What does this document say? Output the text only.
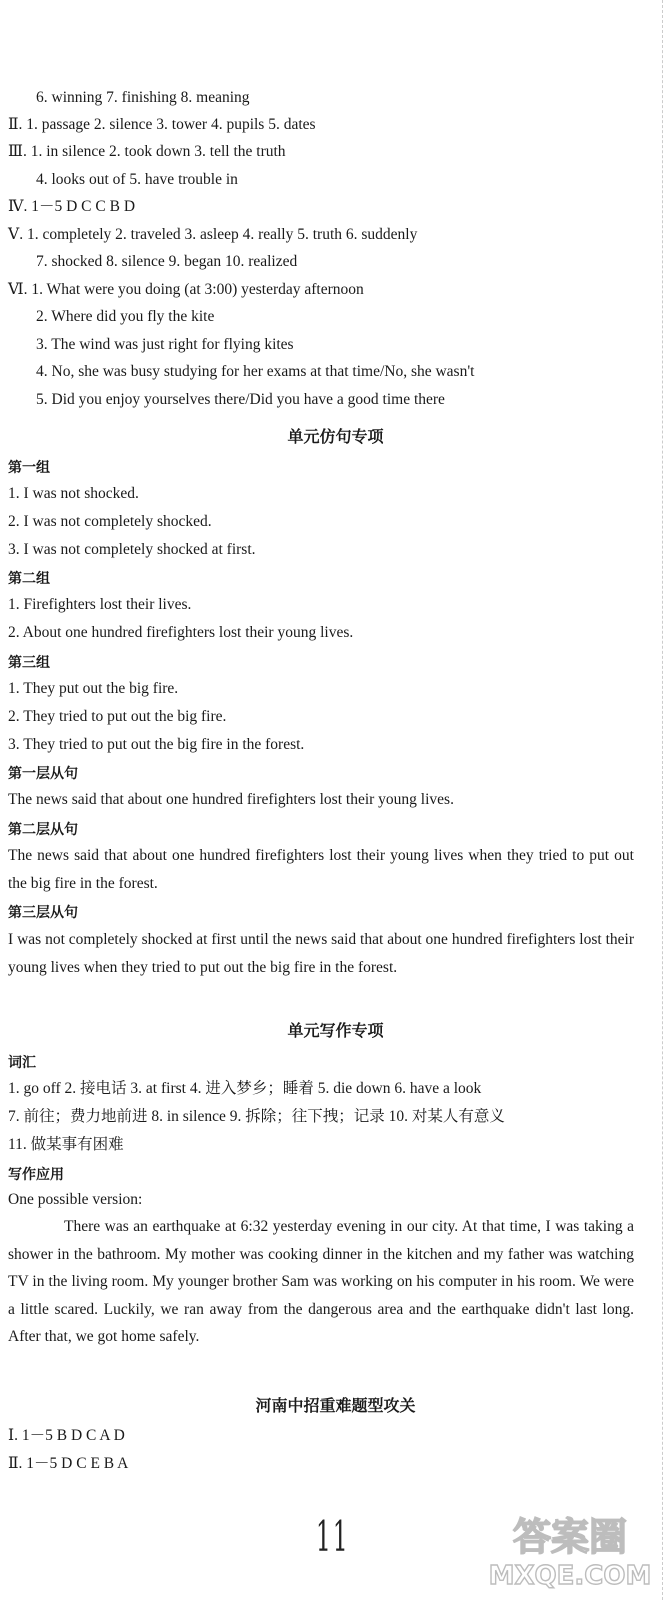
6. winning 7. finishing 8. meaning
Ⅱ. 1. passage 2. silence 3. tower 4. pupils 5. dates
Ⅲ. 1. in silence 2. took down 3. tell the truth
4. looks out of 5. have trouble in
Ⅳ. 1－5 D C C B D
Ⅴ. 1. completely 2. traveled 3. asleep 4. really 5. truth 6. suddenly
7. shocked 8. silence 9. began 10. realized
Ⅵ. 1. What were you doing (at 3:00) yesterday afternoon
2. Where did you fly the kite
3. The wind was just right for flying kites
4. No, she was busy studying for her exams at that time/No, she wasn't
5. Did you enjoy yourselves there/Did you have a good time there
单元仿句专项
第一组
1. I was not shocked.
2. I was not completely shocked.
3. I was not completely shocked at first.
第二组
1. Firefighters lost their lives.
2. About one hundred firefighters lost their young lives.
第三组
1. They put out the big fire.
2. They tried to put out the big fire.
3. They tried to put out the big fire in the forest.
第一层从句
The news said that about one hundred firefighters lost their young lives.
第二层从句
The news said that about one hundred firefighters lost their young lives when they tried to put out the big fire in the forest.
第三层从句
I was not completely shocked at first until the news said that about one hundred firefighters lost their young lives when they tried to put out the big fire in the forest.
单元写作专项
词汇
1. go off 2. 接电话 3. at first 4. 进入梦乡；睡着 5. die down 6. have a look
7. 前往；费力地前进 8. in silence 9. 拆除；往下拽；记录 10. 对某人有意义
11. 做某事有困难
写作应用
One possible version:
There was an earthquake at 6:32 yesterday evening in our city. At that time, I was taking a shower in the bathroom. My mother was cooking dinner in the kitchen and my father was watching TV in the living room. My younger brother Sam was working on his computer in his room. We were a little scared. Luckily, we ran away from the dangerous area and the earthquake didn't last long. After that, we got home safely.
河南中招重难题型攻关
Ⅰ. 1－5 B D C A D
Ⅱ. 1－5 D C E B A
11	答案圈
MXQE.COM
